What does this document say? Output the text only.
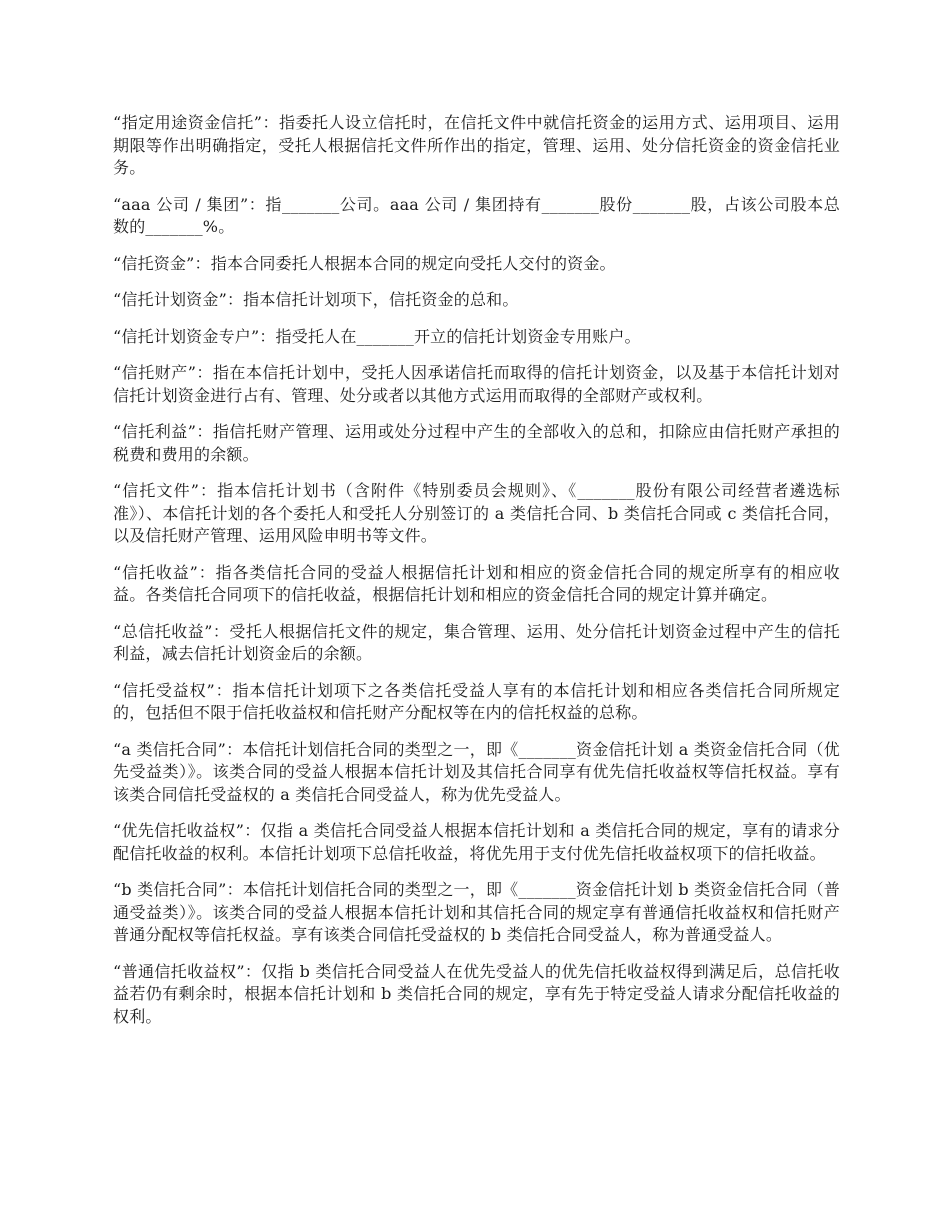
“指定用途资金信托”：指委托人设立信托时，在信托文件中就信托资金的运用方式、运用项目、运用期限等作出明确指定，受托人根据信托文件所作出的指定，管理、运用、处分信托资金的资金信托业务。

“aaa 公司 / 集团”：指_______公司。aaa 公司 / 集团持有_______股份_______股，占该公司股本总数的_______%。

“信托资金”：指本合同委托人根据本合同的规定向受托人交付的资金。

“信托计划资金”：指本信托计划项下，信托资金的总和。

“信托计划资金专户”：指受托人在_______开立的信托计划资金专用账户。

“信托财产”：指在本信托计划中，受托人因承诺信托而取得的信托计划资金，以及基于本信托计划对信托计划资金进行占有、管理、处分或者以其他方式运用而取得的全部财产或权利。

“信托利益”：指信托财产管理、运用或处分过程中产生的全部收入的总和，扣除应由信托财产承担的税费和费用的余额。

“信托文件”：指本信托计划书（含附件《特别委员会规则》、《_______股份有限公司经营者遴选标准》）、本信托计划的各个委托人和受托人分别签订的 a 类信托合同、b 类信托合同或 c 类信托合同，以及信托财产管理、运用风险申明书等文件。

“信托收益”：指各类信托合同的受益人根据信托计划和相应的资金信托合同的规定所享有的相应收益。各类信托合同项下的信托收益，根据信托计划和相应的资金信托合同的规定计算并确定。

“总信托收益”：受托人根据信托文件的规定，集合管理、运用、处分信托计划资金过程中产生的信托利益，减去信托计划资金后的余额。

“信托受益权”：指本信托计划项下之各类信托受益人享有的本信托计划和相应各类信托合同所规定的，包括但不限于信托收益权和信托财产分配权等在内的信托权益的总称。

“a 类信托合同”：本信托计划信托合同的类型之一，即《_______资金信托计划 a 类资金信托合同（优先受益类）》。该类合同的受益人根据本信托计划及其信托合同享有优先信托收益权等信托权益。享有该类合同信托受益权的 a 类信托合同受益人，称为优先受益人。

“优先信托收益权”：仅指 a 类信托合同受益人根据本信托计划和 a 类信托合同的规定，享有的请求分配信托收益的权利。本信托计划项下总信托收益，将优先用于支付优先信托收益权项下的信托收益。

“b 类信托合同”：本信托计划信托合同的类型之一，即《_______资金信托计划 b 类资金信托合同（普通受益类）》。该类合同的受益人根据本信托计划和其信托合同的规定享有普通信托收益权和信托财产普通分配权等信托权益。享有该类合同信托受益权的 b 类信托合同受益人，称为普通受益人。

“普通信托收益权”：仅指 b 类信托合同受益人在优先受益人的优先信托收益权得到满足后，总信托收益若仍有剩余时，根据本信托计划和 b 类信托合同的规定，享有先于特定受益人请求分配信托收益的权利。
